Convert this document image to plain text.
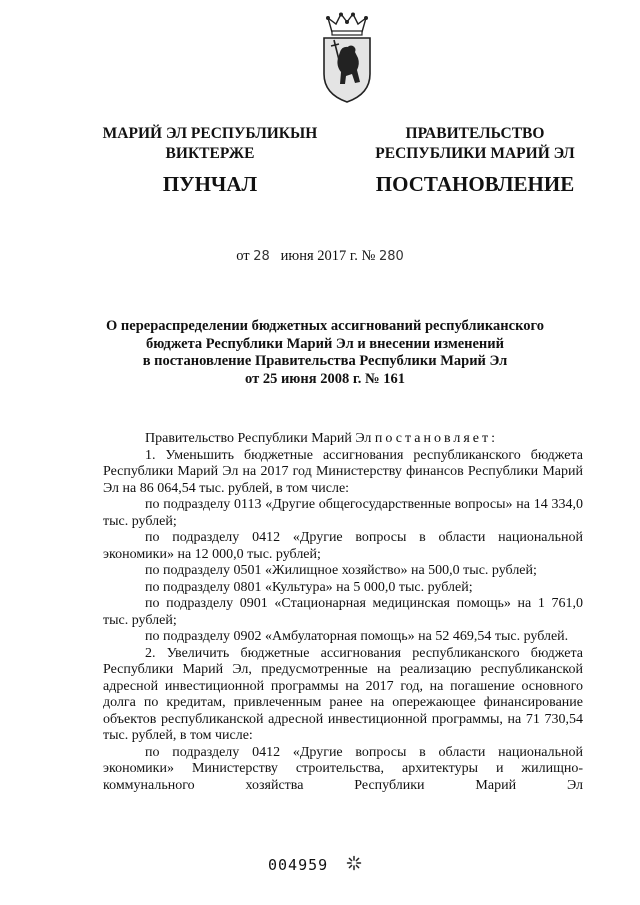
МАРИЙ ЭЛ РЕСПУБЛИКЫН
ВИКТЕРЖЕ
ПРАВИТЕЛЬСТВО
РЕСПУБЛИКИ МАРИЙ ЭЛ
ПУНЧАЛ	ПОСТАНОВЛЕНИЕ
от 28 июня 2017 г. № 280
О перераспределении бюджетных ассигнований республиканского
бюджета Республики Марий Эл и внесении изменений
в постановление Правительства Республики Марий Эл
от 25 июня 2008 г. № 161

Правительство Республики Марий Эл постановляет:

1. Уменьшить бюджетные ассигнования республиканского бюджета Республики Марий Эл на 2017 год Министерству финансов Республики Марий Эл на 86 064,54 тыс. рублей, в том числе:

по подразделу 0113 «Другие общегосударственные вопросы» на 14 334,0 тыс. рублей;

по подразделу 0412 «Другие вопросы в области национальной экономики» на 12 000,0 тыс. рублей;

по подразделу 0501 «Жилищное хозяйство» на 500,0 тыс. рублей;

по подразделу 0801 «Культура» на 5 000,0 тыс. рублей;

по подразделу 0901 «Стационарная медицинская помощь» на 1 761,0 тыс. рублей;

по подразделу 0902 «Амбулаторная помощь» на 52 469,54 тыс. рублей.

2. Увеличить бюджетные ассигнования республиканского бюджета Республики Марий Эл, предусмотренные на реализацию республиканской адресной инвестиционной программы на 2017 год, на погашение основного долга по кредитам, привлеченным ранее на опережающее финансирование объектов республиканской адресной инвестиционной программы, на 71 730,54 тыс. рублей, в том числе:

по подразделу 0412 «Другие вопросы в области национальной экономики» Министерству строительства, архитектуры и жилищно-коммунального хозяйства Республики Марий Эл

004959
